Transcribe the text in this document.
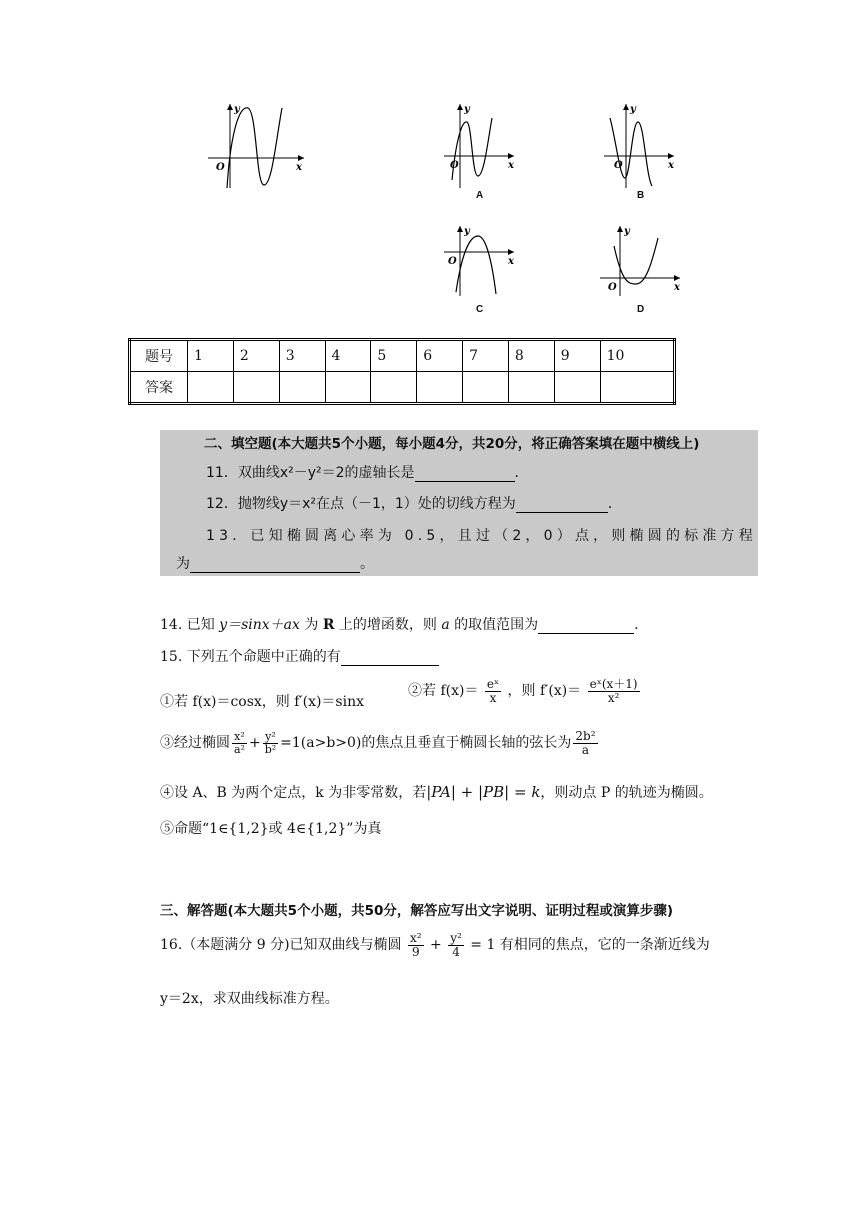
y
x
O
y
x
O
A
y
x
O
B
y
x
O
C
y
x
O
D
题号	1	2	3	4	5	6	7	8	9	10
答案										
二、填空题(本大题共5个小题，每小题4分，共20分，将正确答案填在题中横线上)
11．双曲线x²－y²＝2的虚轴长是	．
12．抛物线y＝x²在点（－1，1）处的切线方程为	．
13．已知椭圆离心率为 0.5，且过（2，0）点，则椭圆的标准方程
为	。
14. 已知 y＝sinx＋ax 为 R 上的增函数，则 a 的取值范围为	.
15. 下列五个命题中正确的有
①若 f(x)＝cosx，则 f′(x)＝sinx
②若 $f(x)= \frac{\text{eˣ}}{x}$ ，则 $f'(x)= \frac{\text{eˣ(x＋1)}}{\text{x²}}$
③经过椭圆 $\frac{\text{x²}}{\text{a²}} + \frac{\text{y²}}{\text{b²}} =1(a>b>0)$的焦点且垂直于椭圆长轴的弦长为 $\frac{\text{2b²}}{a}$
④设 A、B 为两个定点，k 为非零常数，若|PA| + |PB| = k，则动点 P 的轨迹为椭圆。
⑤命题“1∈{1,2}或 4∈{1,2}”为真
三、解答题(本大题共5个小题，共50分，解答应写出文字说明、证明过程或演算步骤)
16.（本题满分 9 分)已知双曲线与椭圆 $\frac{\text{x²}}{9} + \frac{\text{y²}}{4} = 1$ 有相同的焦点，它的一条渐近线为
y＝2x，求双曲线标准方程。
